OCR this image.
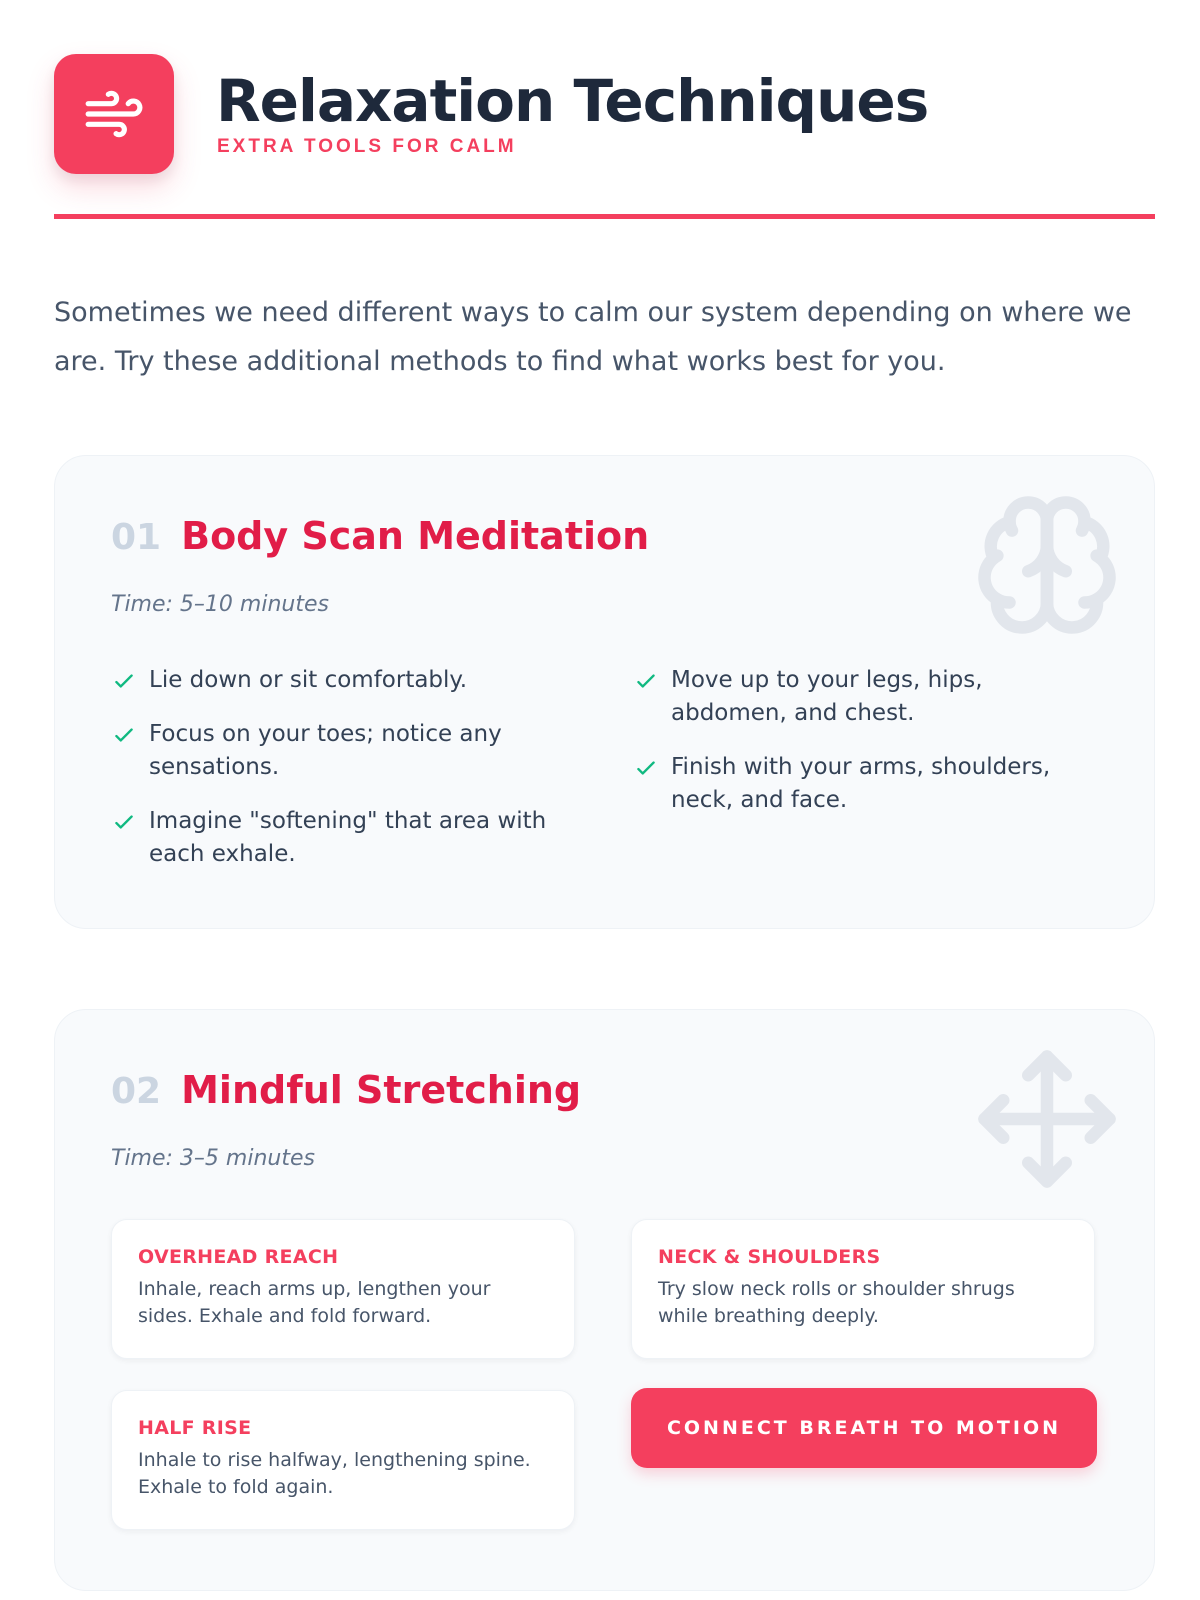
Relaxation Techniques
EXTRA TOOLS FOR CALM

Sometimes we need different ways to calm our system depending on where we are. Try these additional methods to find what works best for you.

01 Body Scan Meditation
Time: 5–10 minutes
Lie down or sit comfortably.
Focus on your toes; notice any sensations.
Imagine "softening" that area with each exhale.
Move up to your legs, hips, abdomen, and chest.
Finish with your arms, shoulders, neck, and face.
02 Mindful Stretching
Time: 3–5 minutes
OVERHEAD REACH

Inhale, reach arms up, lengthen your sides. Exhale and fold forward.

NECK & SHOULDERS

Try slow neck rolls or shoulder shrugs while breathing deeply.

HALF RISE

Inhale to rise halfway, lengthening spine. Exhale to fold again.

CONNECT BREATH TO MOTION
